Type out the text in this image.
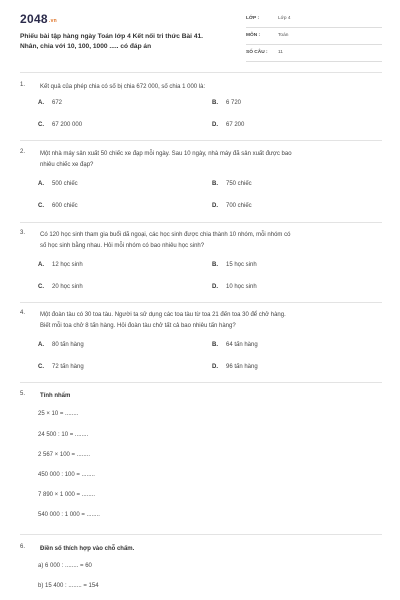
2048.vn
Phiếu bài tập hàng ngày Toán lớp 4 Kết nối tri thức Bài 41.
Nhân, chia với 10, 100, 1000 ..... có đáp án
LỚP :	Lớp 4
MÔN :	Toán
SỐ CÂU : 11
1. Kết quả của phép chia có số bị chia 672 000, số chia 1 000 là:
A. 672	B. 6 720
C. 67 200 000	D. 67 200
2. Một nhà máy sản xuất 50 chiếc xe đạp mỗi ngày. Sau 10 ngày, nhà máy đã sản xuất được bao
nhiêu chiếc xe đạp?
A. 500 chiếc	B. 750 chiếc
C. 600 chiếc	D. 700 chiếc
3. Có 120 học sinh tham gia buổi dã ngoại, các học sinh được chia thành 10 nhóm, mỗi nhóm có
số học sinh bằng nhau. Hỏi mỗi nhóm có bao nhiêu học sinh?
A. 12 học sinh	B. 15 học sinh
C. 20 học sinh	D. 10 học sinh
4. Một đoàn tàu có 30 toa tàu. Người ta sử dụng các toa tàu từ toa 21 đến toa 30 để chở hàng.
Biết mỗi toa chở 8 tấn hàng. Hỏi đoàn tàu chở tất cả bao nhiêu tấn hàng?
A. 80 tấn hàng	B. 64 tấn hàng
C. 72 tấn hàng	D. 96 tấn hàng
5. Tính nhẩm
25 × 10 = ........
24 500 : 10 = ........
2 567 × 100 = ........
450 000 : 100 = ........
7 890 × 1 000 = ........
540 000 : 1 000 = ........
6. Điền số thích hợp vào chỗ chấm.
a) 6 000 : ........ = 60
b) 15 400 : ........ = 154
